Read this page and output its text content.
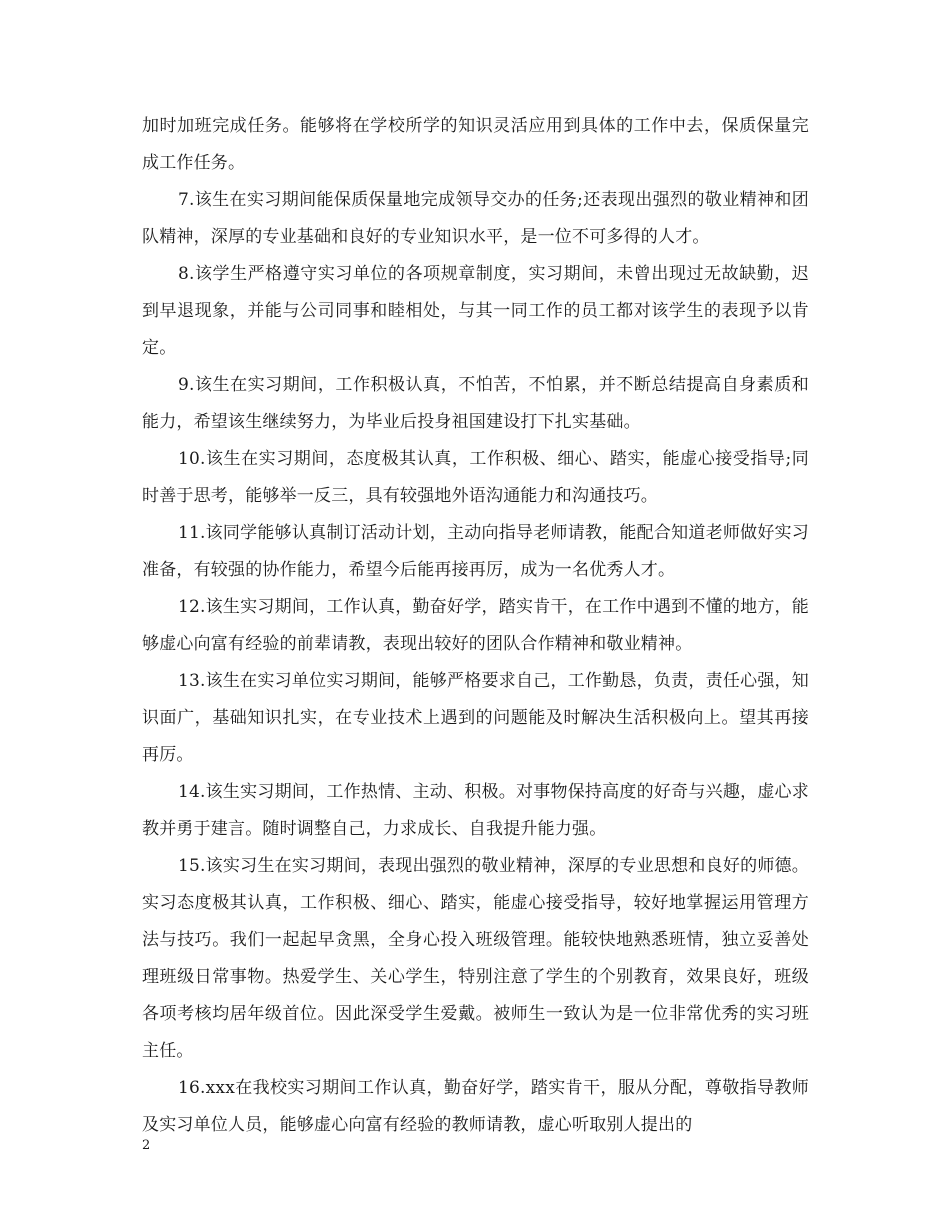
加时加班完成任务。能够将在学校所学的知识灵活应用到具体的工作中去，保质保量完成工作任务。

7.该生在实习期间能保质保量地完成领导交办的任务;还表现出强烈的敬业精神和团队精神，深厚的专业基础和良好的专业知识水平，是一位不可多得的人才。

8.该学生严格遵守实习单位的各项规章制度，实习期间，未曾出现过无故缺勤，迟到早退现象，并能与公司同事和睦相处，与其一同工作的员工都对该学生的表现予以肯定。

9.该生在实习期间，工作积极认真，不怕苦，不怕累，并不断总结提高自身素质和能力，希望该生继续努力，为毕业后投身祖国建设打下扎实基础。

10.该生在实习期间，态度极其认真，工作积极、细心、踏实，能虚心接受指导;同时善于思考，能够举一反三，具有较强地外语沟通能力和沟通技巧。

11.该同学能够认真制订活动计划，主动向指导老师请教，能配合知道老师做好实习准备，有较强的协作能力，希望今后能再接再厉，成为一名优秀人才。

12.该生实习期间，工作认真，勤奋好学，踏实肯干，在工作中遇到不懂的地方，能够虚心向富有经验的前辈请教，表现出较好的团队合作精神和敬业精神。

13.该生在实习单位实习期间，能够严格要求自己，工作勤恳，负责，责任心强，知识面广，基础知识扎实，在专业技术上遇到的问题能及时解决生活积极向上。望其再接再厉。

14.该生实习期间，工作热情、主动、积极。对事物保持高度的好奇与兴趣，虚心求教并勇于建言。随时调整自己，力求成长、自我提升能力强。

15.该实习生在实习期间，表现出强烈的敬业精神，深厚的专业思想和良好的师德。实习态度极其认真，工作积极、细心、踏实，能虚心接受指导，较好地掌握运用管理方法与技巧。我们一起起早贪黑，全身心投入班级管理。能较快地熟悉班情，独立妥善处理班级日常事物。热爱学生、关心学生，特别注意了学生的个别教育，效果良好，班级各项考核均居年级首位。因此深受学生爱戴。被师生一致认为是一位非常优秀的实习班主任。

16.xxx在我校实习期间工作认真，勤奋好学，踏实肯干，服从分配，尊敬指导教师及实习单位人员，能够虚心向富有经验的教师请教，虚心听取别人提出的

2
